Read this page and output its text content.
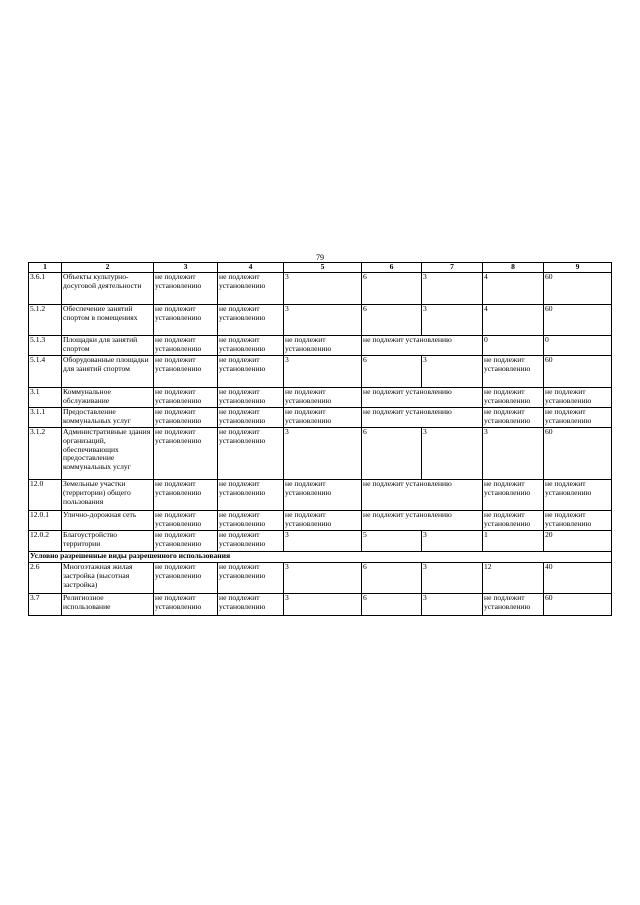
79
1	2	3	4	5	6	7	8	9
3.6.1	Объекты культурно-досуговой деятельности	не подлежит установлению	не подлежит установлению	3	6	3	4	60
5.1.2	Обеспечение занятий спортом в помещениях	не подлежит установлению	не подлежит установлению	3	6	3	4	60
5.1.3	Площадки для занятий спортом	не подлежит установлению	не подлежит установлению	не подлежит установлению	не подлежит установлению		0	0
5.1.4	Оборудованные площадки для занятий спортом	не подлежит установлению	не подлежит установлению	3	6	3	не подлежит установлению	60
3.1	Коммунальное обслуживание	не подлежит установлению	не подлежит установлению	не подлежит установлению	не подлежит установлению		не подлежит установлению	не подлежит установлению
3.1.1	Предоставление коммунальных услуг	не подлежит установлению	не подлежит установлению	не подлежит установлению	не подлежит установлению		не подлежит установлению	не подлежит установлению
3.1.2	Административные здания организаций, обеспечивающих предоставление коммунальных услуг	не подлежит установлению	не подлежит установлению	3	6	3	3	60
12.0	Земельные участки (территории) общего пользования	не подлежит установлению	не подлежит установлению	не подлежит установлению	не подлежит установлению		не подлежит установлению	не подлежит установлению
12.0.1	Улично-дорожная сеть	не подлежит установлению	не подлежит установлению	не подлежит установлению	не подлежит установлению		не подлежит установлению	не подлежит установлению
12.0.2	Благоустройство территории	не подлежит установлению	не подлежит установлению	3	5	3	1	20
Условно разрешенные виды разрешенного использования								
2.6	Многоэтажная жилая застройка (высотная застройка)	не подлежит установлению	не подлежит установлению	3	6	3	12	40
3.7	Религиозное использование	не подлежит установлению	не подлежит установлению	3	6	3	не подлежит установлению	60
